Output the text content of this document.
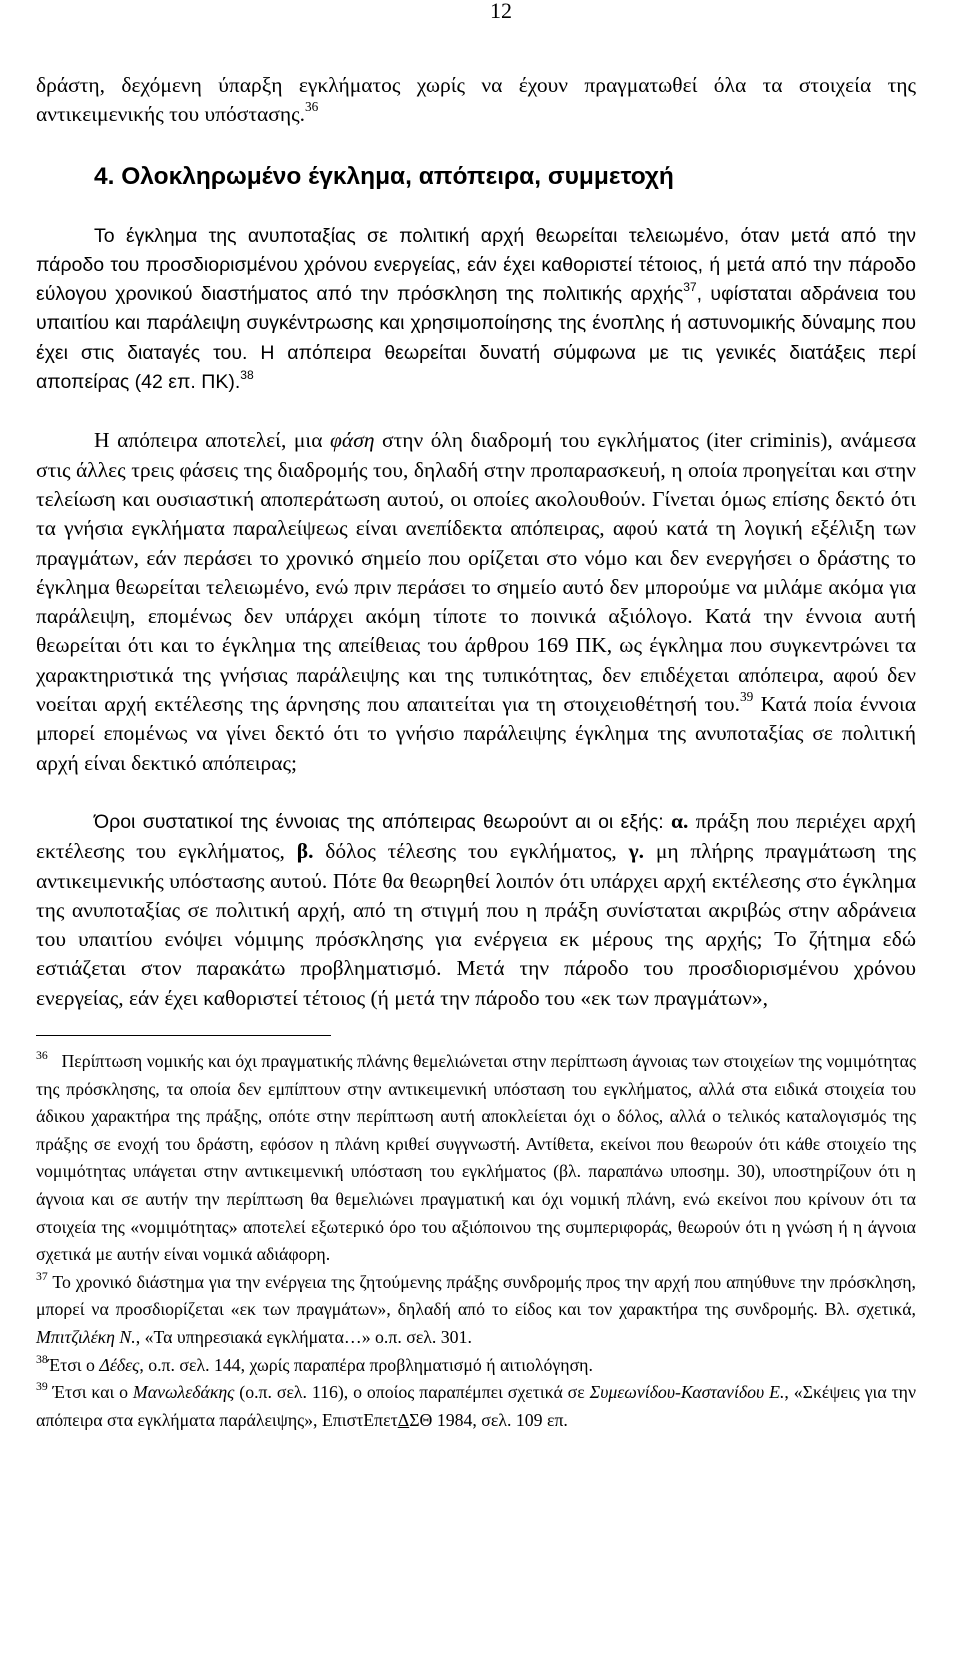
12

δράστη, δεχόμενη ύπαρξη εγκλήματος χωρίς να έχουν πραγματωθεί όλα τα στοιχεία της αντικειμενικής του υπόστασης.$^{36}$

4. Ολοκληρωμένο έγκλημα, απόπειρα, συμμετοχή

Το έγκλημα της ανυποταξίας σε πολιτική αρχή θεωρείται τελειωμένο, όταν μετά από την πάροδο του προσδιορισμένου χρόνου ενεργείας, εάν έχει καθοριστεί τέτοιος, ή μετά από την πάροδο εύλογου χρονικού διαστήματος από την πρόσκληση της πολιτικής αρχής$^{37}$, υφίσταται αδράνεια του υπαιτίου και παράλειψη συγκέντρωσης και χρησιμοποίησης της ένοπλης ή αστυνομικής δύναμης που έχει στις διαταγές του. Η απόπειρα θεωρείται δυνατή σύμφωνα με τις γενικές διατάξεις περί αποπείρας (42 επ. ΠΚ).$^{38}$

Η απόπειρα αποτελεί, μια φάση στην όλη διαδρομή του εγκλήματος (iter criminis), ανάμεσα στις άλλες τρεις φάσεις της διαδρομής του, δηλαδή στην προπαρασκευή, η οποία προηγείται και στην τελείωση και ουσιαστική αποπεράτωση αυτού, οι οποίες ακολουθούν. Γίνεται όμως επίσης δεκτό ότι τα γνήσια εγκλήματα παραλείψεως είναι ανεπίδεκτα απόπειρας, αφού κατά τη λογική εξέλιξη των πραγμάτων, εάν περάσει το χρονικό σημείο που ορίζεται στο νόμο και δεν ενεργήσει ο δράστης το έγκλημα θεωρείται τελειωμένο, ενώ πριν περάσει το σημείο αυτό δεν μπορούμε να μιλάμε ακόμα για παράλειψη, επομένως δεν υπάρχει ακόμη τίποτε το ποινικά αξιόλογο. Κατά την έννοια αυτή θεωρείται ότι και το έγκλημα της απείθειας του άρθρου 169 ΠΚ, ως έγκλημα που συγκεντρώνει τα χαρακτηριστικά της γνήσιας παράλειψης και της τυπικότητας, δεν επιδέχεται απόπειρα, αφού δεν νοείται αρχή εκτέλεσης της άρνησης που απαιτείται για τη στοιχειοθέτησή του.$^{39}$ Κατά ποία έννοια μπορεί επομένως να γίνει δεκτό ότι το γνήσιο παράλειψης έγκλημα της ανυποταξίας σε πολιτική αρχή είναι δεκτικό απόπειρας;

Όροι συστατικοί της έννοιας της απόπειρας θεωρούντ αι οι εξής: α. πράξη που περιέχει αρχή εκτέλεσης του εγκλήματος, β. δόλος τέλεσης του εγκλήματος, γ. μη πλήρης πραγμάτωση της αντικειμενικής υπόστασης αυτού. Πότε θα θεωρηθεί λοιπόν ότι υπάρχει αρχή εκτέλεσης στο έγκλημα της ανυποταξίας σε πολιτική αρχή, από τη στιγμή που η πράξη συνίσταται ακριβώς στην αδράνεια του υπαιτίου ενόψει νόμιμης πρόσκλησης για ενέργεια εκ μέρους της αρχής; Το ζήτημα εδώ εστιάζεται στον παρακάτω προβληματισμό. Μετά την πάροδο του προσδιορισμένου χρόνου ενεργείας, εάν έχει καθοριστεί τέτοιος (ή μετά την πάροδο του «εκ των πραγμάτων»,

$^{36}$ Περίπτωση νομικής και όχι πραγματικής πλάνης θεμελιώνεται στην περίπτωση άγνοιας των στοιχείων της νομιμότητας της πρόσκλησης, τα οποία δεν εμπίπτουν στην αντικειμενική υπόσταση του εγκλήματος, αλλά στα ειδικά στοιχεία του άδικου χαρακτήρα της πράξης, οπότε στην περίπτωση αυτή αποκλείεται όχι ο δόλος, αλλά ο τελικός καταλογισμός της πράξης σε ενοχή του δράστη, εφόσον η πλάνη κριθεί συγγνωστή. Αντίθετα, εκείνοι που θεωρούν ότι κάθε στοιχείο της νομιμότητας υπάγεται στην αντικειμενική υπόσταση του εγκλήματος (βλ. παραπάνω υποσημ. 30), υποστηρίζουν ότι η άγνοια και σε αυτήν την περίπτωση θα θεμελιώνει πραγματική και όχι νομική πλάνη, ενώ εκείνοι που κρίνουν ότι τα στοιχεία της «νομιμότητας» αποτελεί εξωτερικό όρο του αξιόποινου της συμπεριφοράς, θεωρούν ότι η γνώση ή η άγνοια σχετικά με αυτήν είναι νομικά αδιάφορη.

$^{37}$ Το χρονικό διάστημα για την ενέργεια της ζητούμενης πράξης συνδρομής προς την αρχή που απηύθυνε την πρόσκληση, μπορεί να προσδιορίζεται «εκ των πραγμάτων», δηλαδή από το είδος και τον χαρακτήρα της συνδρομής. Βλ. σχετικά, Μπιτζιλέκη Ν., «Τα υπηρεσιακά εγκλήματα…» ο.π. σελ. 301.

$^{38}$Έτσι ο Δέδες, ο.π. σελ. 144, χωρίς παραπέρα προβληματισμό ή αιτιολόγηση.

$^{39}$ Έτσι και ο Μανωλεδάκης (ο.π. σελ. 116), ο οποίος παραπέμπει σχετικά σε Συμεωνίδου-Καστανίδου Ε., «Σκέψεις για την απόπειρα στα εγκλήματα παράλειψης», ΕπιστΕπετΔΣΘ 1984, σελ. 109 επ.
